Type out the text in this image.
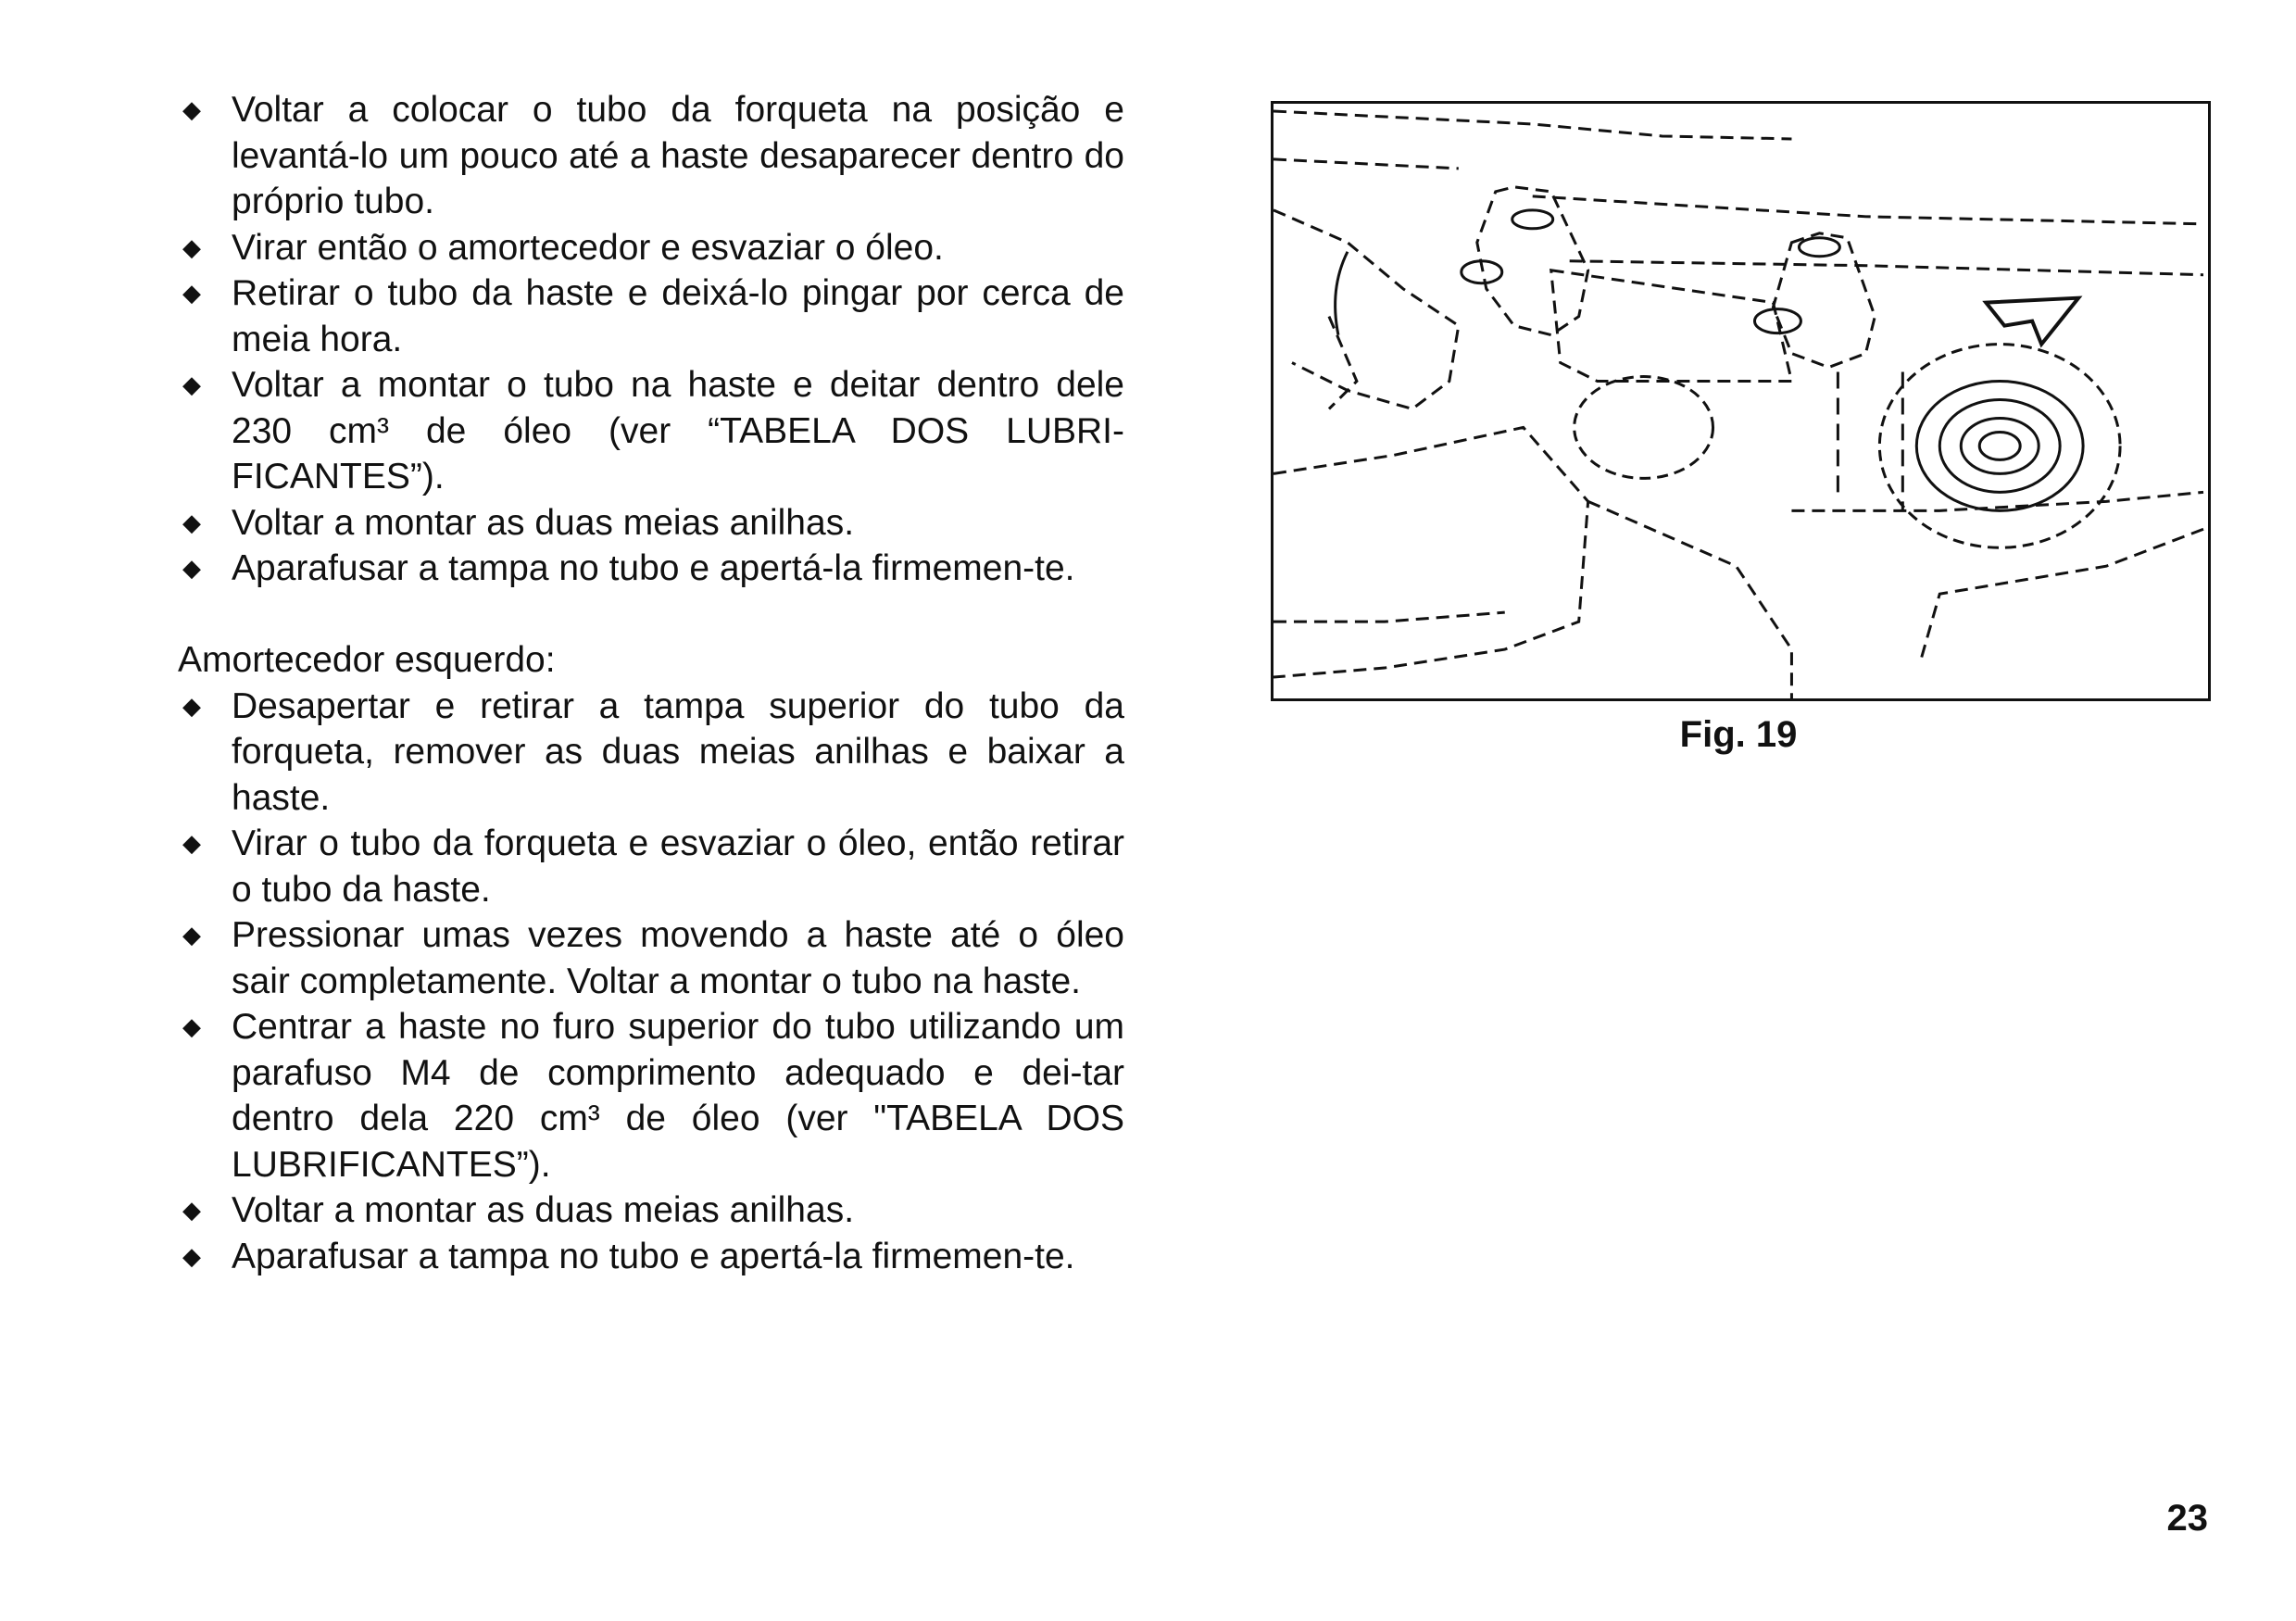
◆ Voltar a colocar o tubo da forqueta na posição e levantá-lo um pouco até a haste desaparecer dentro do próprio tubo.
◆ Virar então o amortecedor e esvaziar o óleo.
◆ Retirar o tubo da haste e deixá-lo pingar por cerca de meia hora.
◆ Voltar a montar o tubo na haste e deitar dentro dele 230 cm³ de óleo (ver “TABELA DOS LUBRI-FICANTES”).
◆ Voltar a montar as duas meias anilhas.
◆ Aparafusar a tampa no tubo e apertá-la firmemen-te.

Amortecedor esquerdo:

◆ Desapertar e retirar a tampa superior do tubo da forqueta, remover as duas meias anilhas e baixar a haste.
◆ Virar o tubo da forqueta e esvaziar o óleo, então retirar o tubo da haste.
◆ Pressionar umas vezes movendo a haste até o óleo sair completamente. Voltar a montar o tubo na haste.
◆ Centrar a haste no furo superior do tubo utilizando um parafuso M4 de comprimento adequado e dei-tar dentro dela 220 cm³ de óleo (ver "TABELA DOS LUBRIFICANTES”).
◆ Voltar a montar as duas meias anilhas.
◆ Aparafusar a tampa no tubo e apertá-la firmemen-te.
Fig. 19
23
